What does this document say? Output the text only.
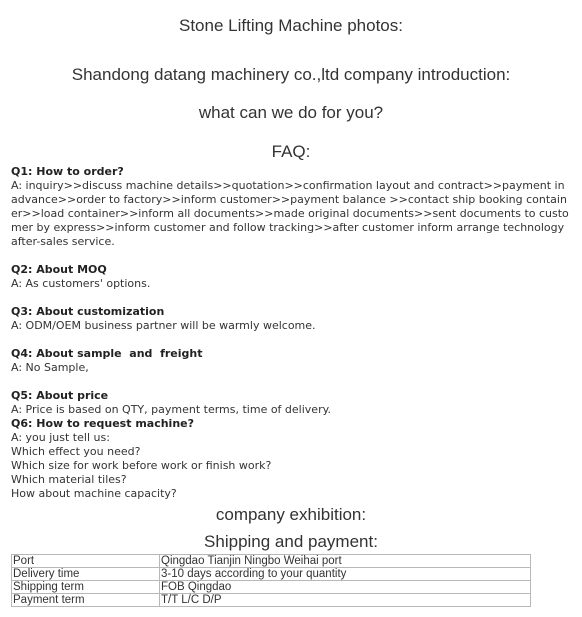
Stone Lifting Machine photos:
Shandong datang machinery co.,ltd company introduction:
what can we do for you?
FAQ:
Q1: How to order?
A: inquiry>>discuss machine details>>quotation>>confirmation layout and contract>>payment in advance>>order to factory>>inform customer>>payment balance >>contact ship booking container>>load container>>inform all documents>>made original documents>>sent documents to customer by express>>inform customer and follow tracking>>after customer inform arrange technology after-sales service.
Q2: About MOQ
A: As customers' options.
Q3: About customization
A: ODM/OEM business partner will be warmly welcome.
Q4: About sample  and  freight
A: No Sample,
Q5: About price
A: Price is based on QTY, payment terms, time of delivery.
Q6: How to request machine?
A: you just tell us:
Which effect you need?
Which size for work before work or finish work?
Which material tiles?
How about machine capacity?
company exhibition:
Shipping and payment:
Port	Qingdao Tianjin Ningbo Weihai port
Delivery time	3-10 days according to your quantity
Shipping term	FOB Qingdao
Payment term	T/T L/C D/P
